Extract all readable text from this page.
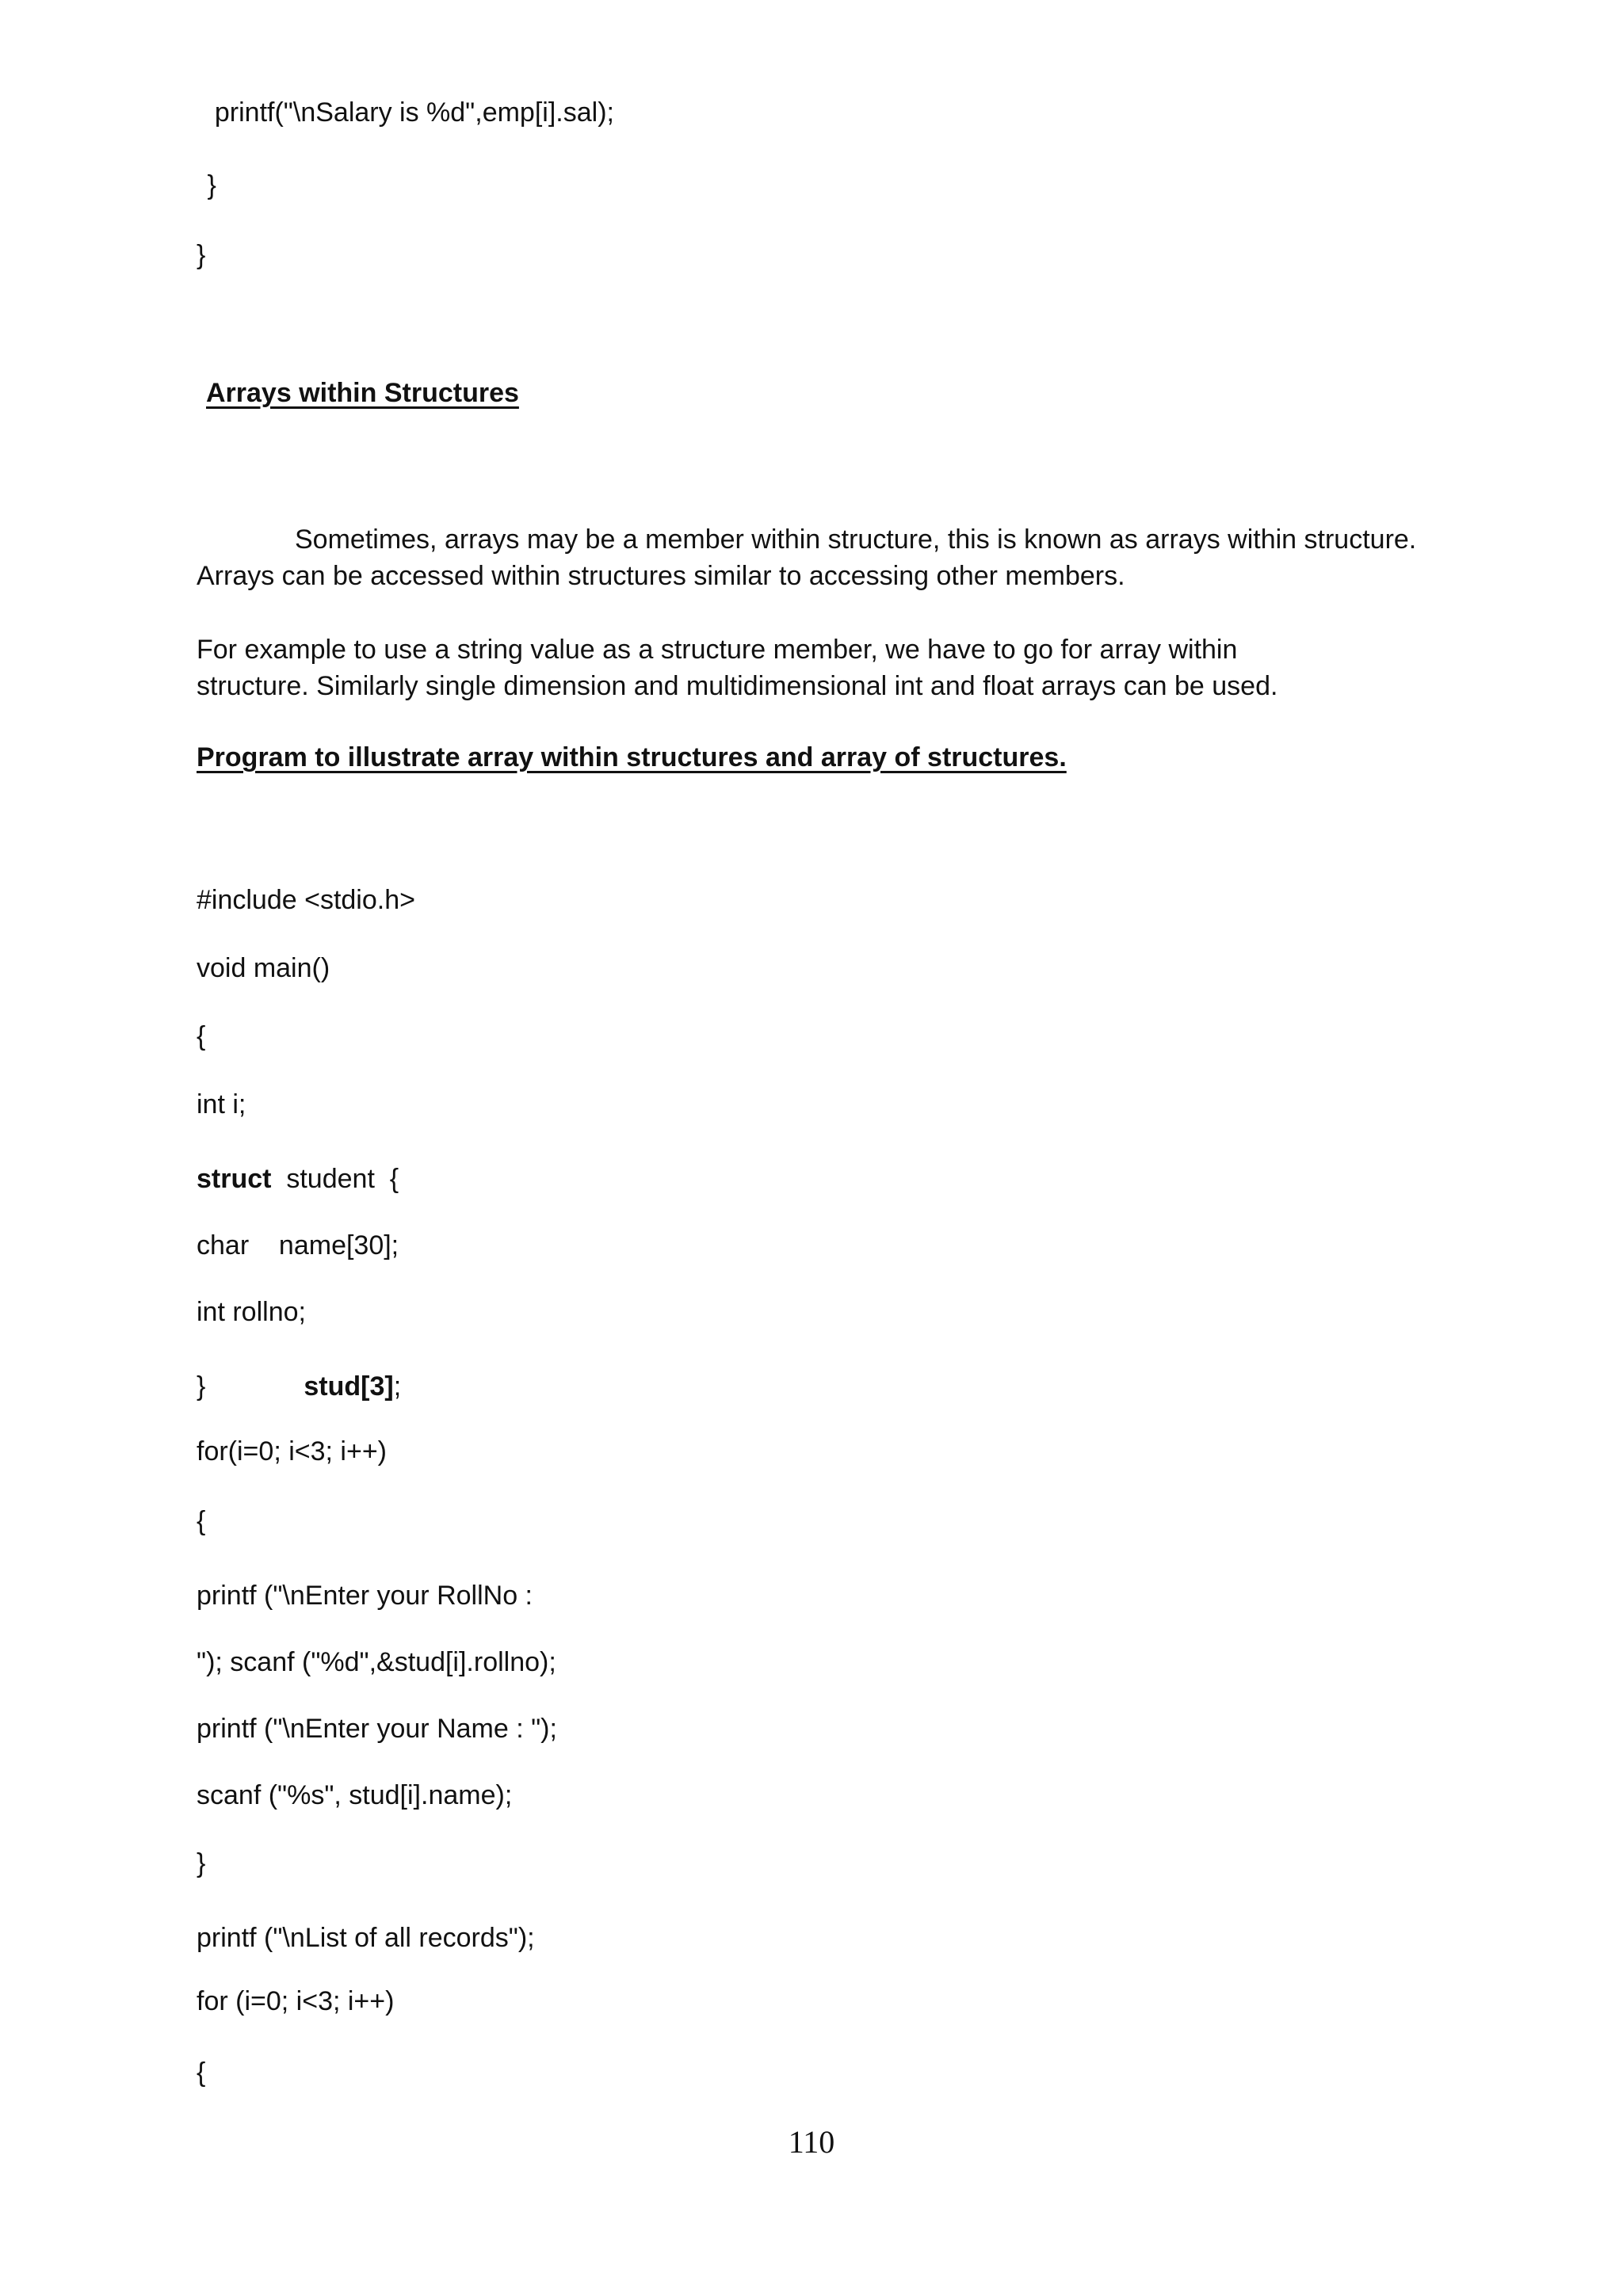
printf("\nSalary is %d",emp[i].sal);

}

}

Arrays within Structures

Sometimes, arrays may be a member within structure, this is known as arrays within structure. Arrays can be accessed within structures similar to accessing other members.

For example to use a string value as a structure member, we have to go for array within

structure. Similarly single dimension and multidimensional int and float arrays can be used.

Program to illustrate array within structures and array of structures.

#include <stdio.h>

void main()

{

int i;

struct  student  {

char    name[30];

int rollno;

}	stud[3];

for(i=0; i<3; i++)

{

printf ("\nEnter your RollNo :

"); scanf ("%d",&stud[i].rollno);

printf ("\nEnter your Name : ");

scanf ("%s", stud[i].name);

}

printf ("\nList of all records");

for (i=0; i<3; i++)

{

110
